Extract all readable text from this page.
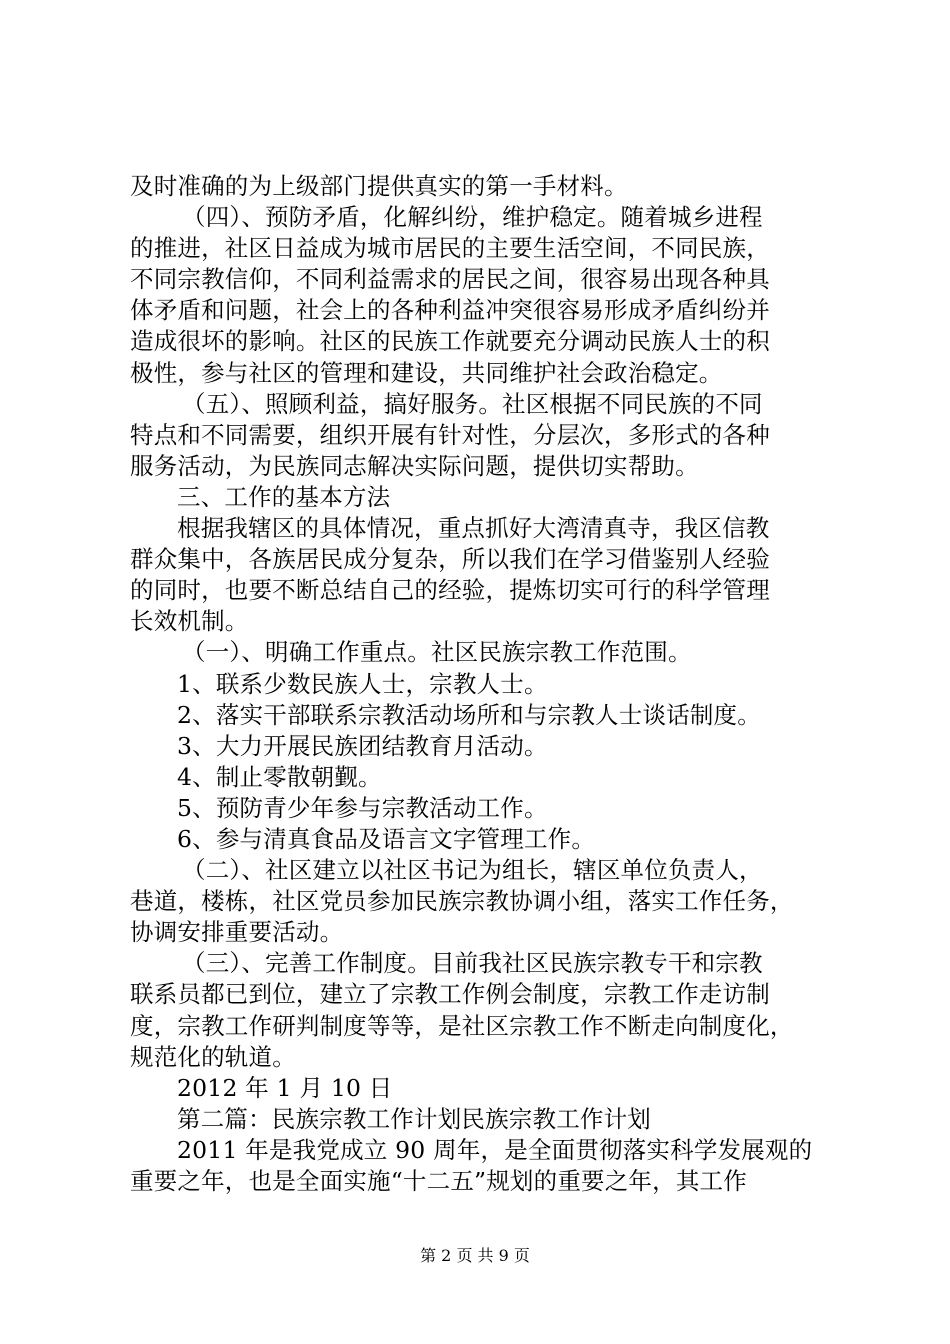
及时准确的为上级部门提供真实的第一手材料。
（四）、预防矛盾，化解纠纷，维护稳定。随着城乡进程
的推进，社区日益成为城市居民的主要生活空间，不同民族，
不同宗教信仰，不同利益需求的居民之间，很容易出现各种具
体矛盾和问题，社会上的各种利益冲突很容易形成矛盾纠纷并
造成很坏的影响。社区的民族工作就要充分调动民族人士的积
极性，参与社区的管理和建设，共同维护社会政治稳定。
（五）、照顾利益，搞好服务。社区根据不同民族的不同
特点和不同需要，组织开展有针对性，分层次，多形式的各种
服务活动，为民族同志解决实际问题，提供切实帮助。
三、工作的基本方法
根据我辖区的具体情况，重点抓好大湾清真寺，我区信教
群众集中，各族居民成分复杂，所以我们在学习借鉴别人经验
的同时，也要不断总结自己的经验，提炼切实可行的科学管理
长效机制。
（一）、明确工作重点。社区民族宗教工作范围。
1、联系少数民族人士，宗教人士。
2、落实干部联系宗教活动场所和与宗教人士谈话制度。
3、大力开展民族团结教育月活动。
4、制止零散朝觐。
5、预防青少年参与宗教活动工作。
6、参与清真食品及语言文字管理工作。
（二）、社区建立以社区书记为组长，辖区单位负责人，
巷道，楼栋，社区党员参加民族宗教协调小组，落实工作任务，
协调安排重要活动。
（三）、完善工作制度。目前我社区民族宗教专干和宗教
联系员都已到位，建立了宗教工作例会制度，宗教工作走访制
度，宗教工作研判制度等等，是社区宗教工作不断走向制度化，
规范化的轨道。
2012 年 1 月 10 日
第二篇：民族宗教工作计划民族宗教工作计划
2011 年是我党成立 90 周年，是全面贯彻落实科学发展观的
重要之年，也是全面实施“十二五”规划的重要之年，其工作
第 2 页 共 9 页
